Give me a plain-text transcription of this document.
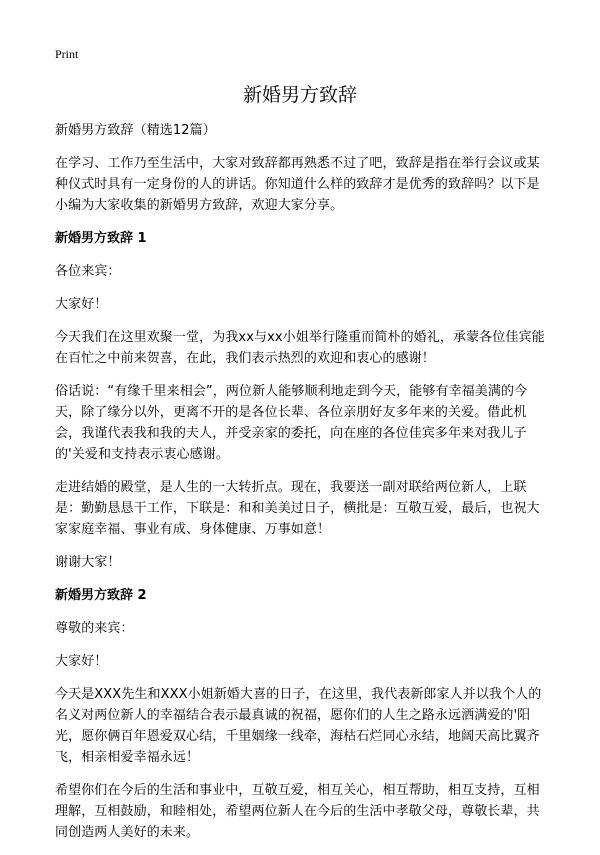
Print
新婚男方致辞

新婚男方致辞（精选12篇）

在学习、工作乃至生活中，大家对致辞都再熟悉不过了吧，致辞是指在举行会议或某种仪式时具有一定身份的人的讲话。你知道什么样的致辞才是优秀的致辞吗？以下是小编为大家收集的新婚男方致辞，欢迎大家分享。

新婚男方致辞 1

各位来宾：

大家好！

今天我们在这里欢聚一堂，为我xx与xx小姐举行隆重而简朴的婚礼，承蒙各位佳宾能在百忙之中前来贺喜，在此，我们表示热烈的欢迎和衷心的感谢！

俗话说：“有缘千里来相会”，两位新人能够顺利地走到今天，能够有幸福美满的今天，除了缘分以外，更离不开的是各位长辈、各位亲朋好友多年来的关爱。借此机会，我谨代表我和我的夫人，并受亲家的委托，向在座的各位佳宾多年来对我儿子的'关爱和支持表示衷心感谢。

走进结婚的殿堂，是人生的一大转折点。现在，我要送一副对联给两位新人，上联是：勤勤恳恳干工作，下联是：和和美美过日子，横批是：互敬互爱，最后，也祝大家家庭幸福、事业有成、身体健康、万事如意！

谢谢大家！

新婚男方致辞 2

尊敬的来宾：

大家好！

今天是XXX先生和XXX小姐新婚大喜的日子，在这里，我代表新郎家人并以我个人的名义对两位新人的幸福结合表示最真诚的祝福，愿你们的人生之路永远洒满爱的'阳光，愿你俩百年恩爱双心结，千里姻缘一线牵，海枯石烂同心永结，地阔天高比翼齐飞，相亲相爱幸福永远！

希望你们在今后的生活和事业中，互敬互爱，相互关心，相互帮助，相互支持，互相理解，互相鼓励，和睦相处，希望两位新人在今后的生活中孝敬父母，尊敬长辈，共同创造两人美好的未来。
